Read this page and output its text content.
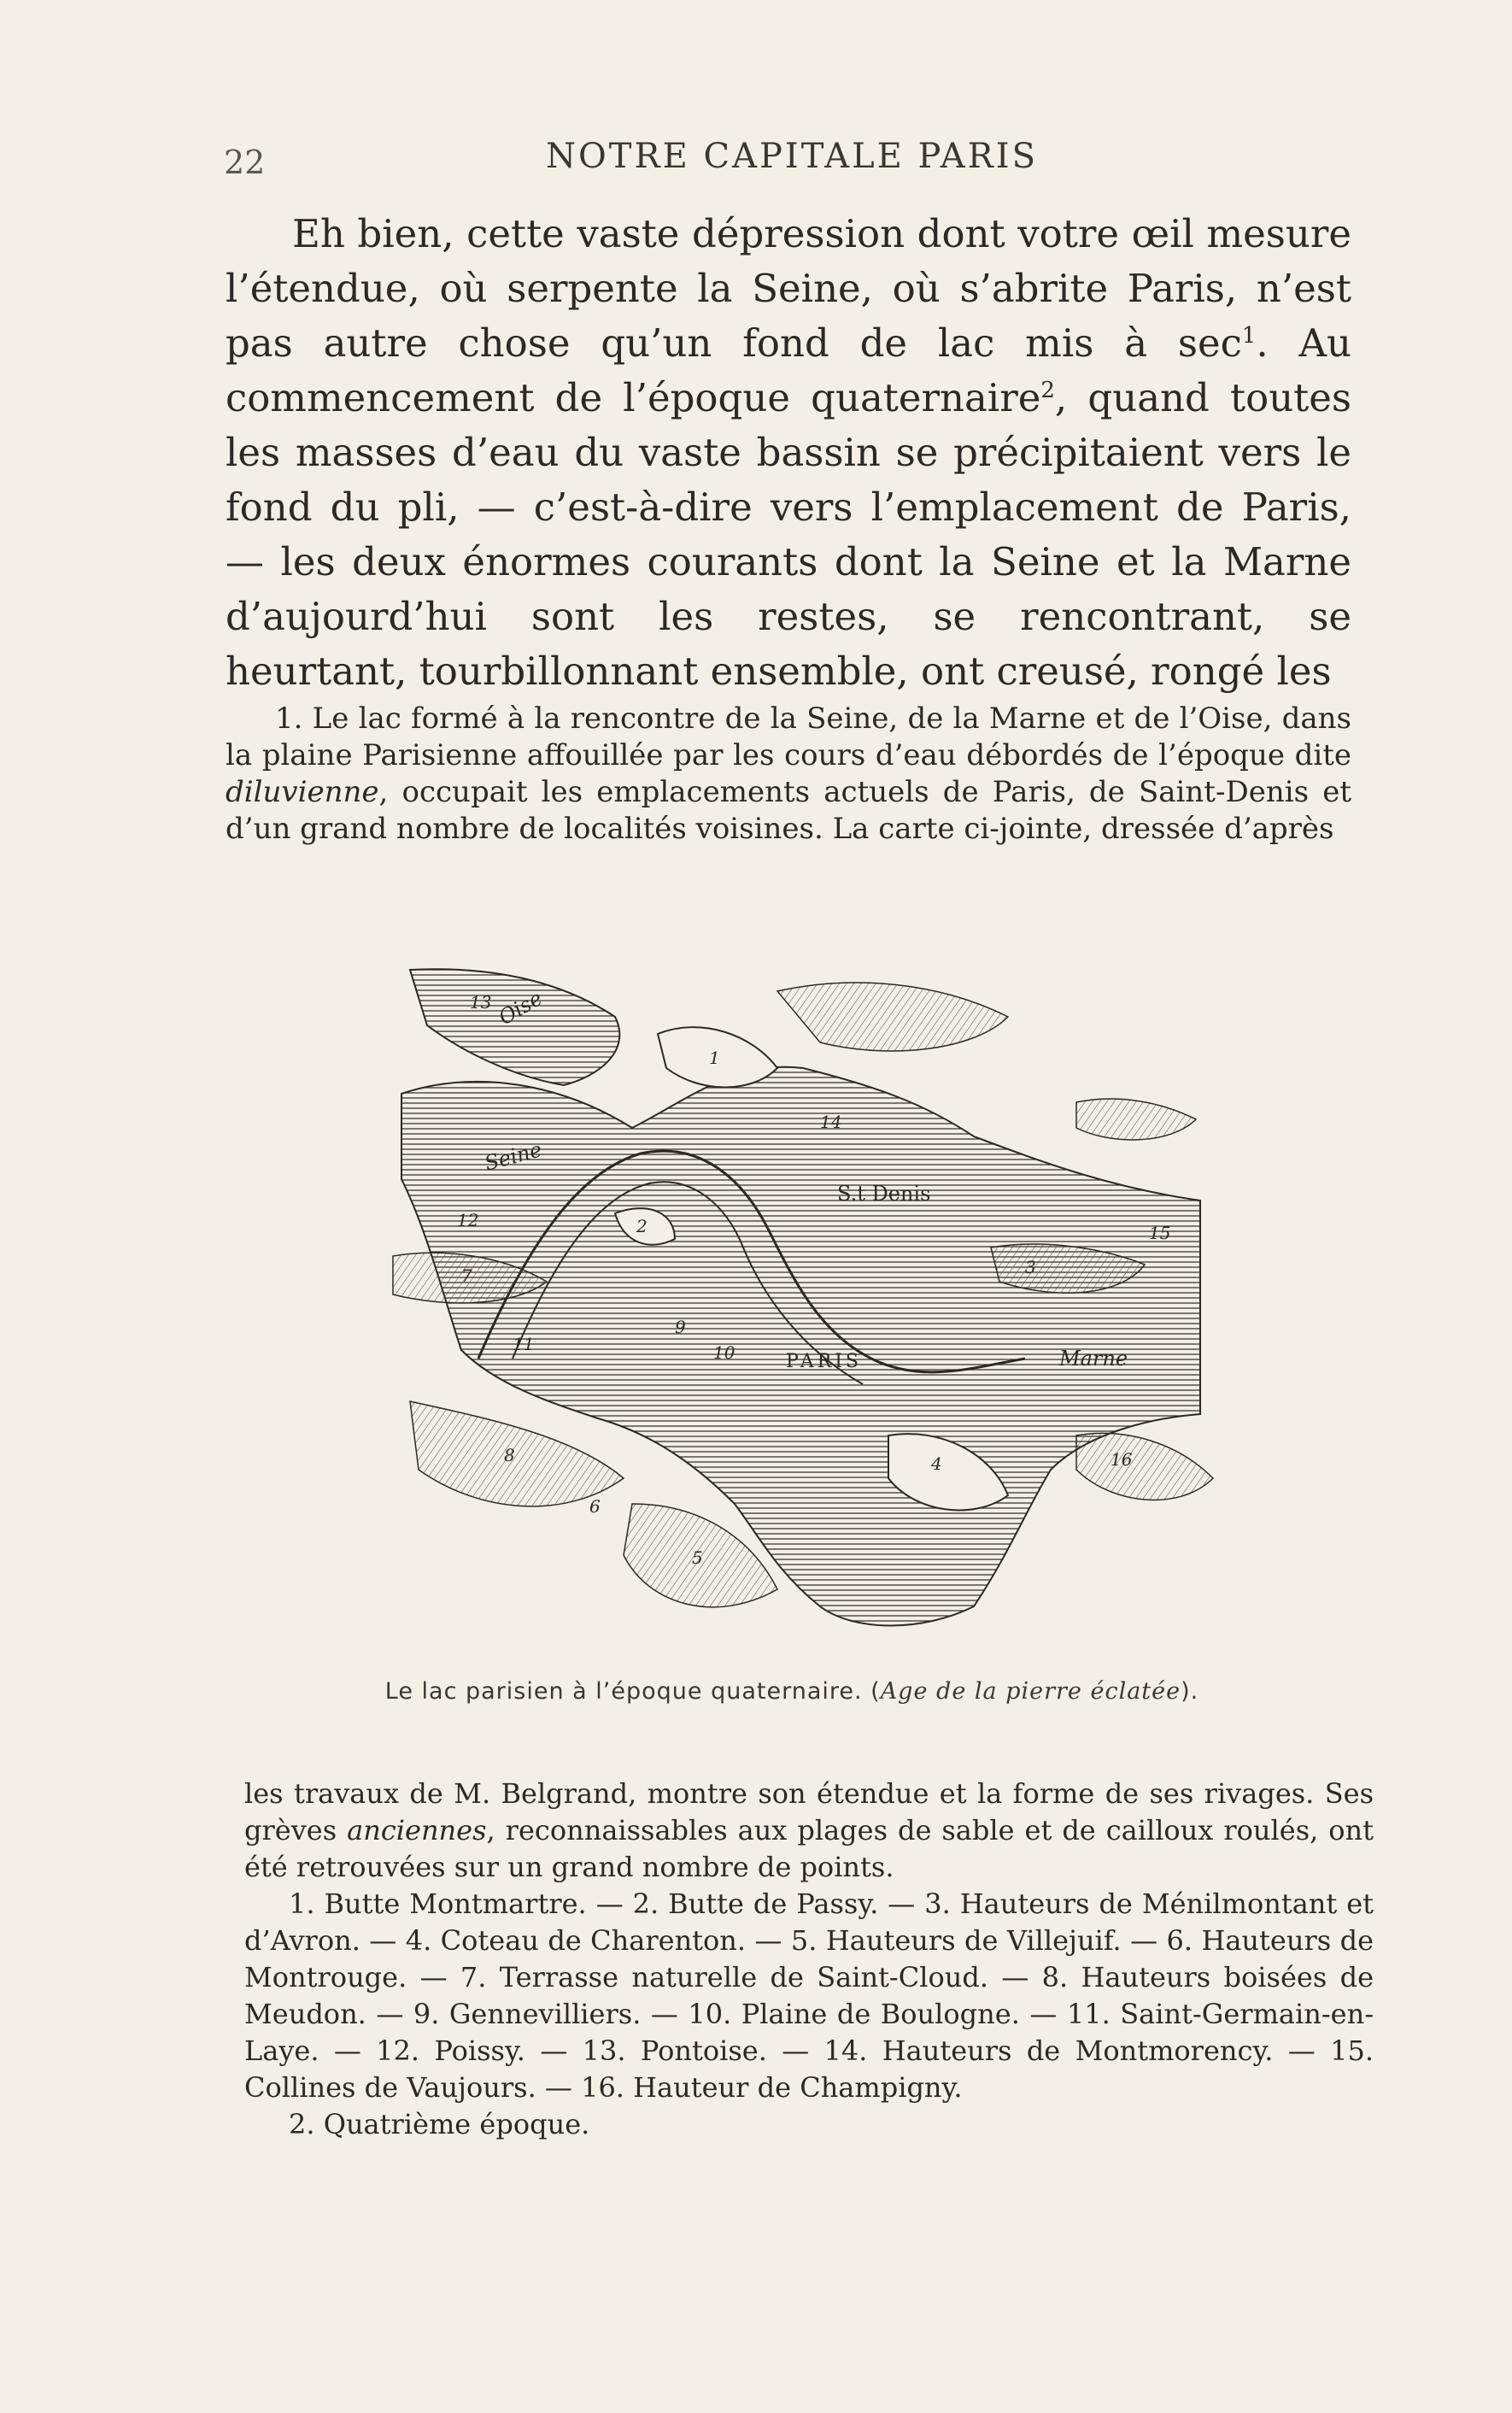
22	NOTRE CAPITALE PARIS

Eh bien, cette vaste dépression dont votre œil mesure l’étendue, où serpente la Seine, où s’abrite Paris, n’est pas autre chose qu’un fond de lac mis à sec$^1$. Au commencement de l’époque quaternaire$^2$, quand toutes les masses d’eau du vaste bassin se précipitaient vers le fond du pli, — c’est-à-dire vers l’emplacement de Paris, — les deux énormes courants dont la Seine et la Marne d’aujourd’hui sont les restes, se rencontrant, se heurtant, tourbillonnant ensemble, ont creusé, rongé les

1. Le lac formé à la rencontre de la Seine, de la Marne et de l’Oise, dans la plaine Parisienne affouillée par les cours d’eau débordés de l’époque dite diluvienne, occupait les emplacements actuels de Paris, de Saint-Denis et d’un grand nombre de localités voisines. La carte ci-jointe, dressée d’après

Oise
Seine
S.t Denis
PARIS	Marne
1
2
3
4
5
6
7
8
9
10
11
12
13
14
15
16
Le lac parisien à l’époque quaternaire. (Age de la pierre éclatée).

les travaux de M. Belgrand, montre son étendue et la forme de ses rivages. Ses grèves anciennes, reconnaissables aux plages de sable et de cailloux roulés, ont été retrouvées sur un grand nombre de points.

1. Butte Montmartre. — 2. Butte de Passy. — 3. Hauteurs de Ménilmontant et d’Avron. — 4. Coteau de Charenton. — 5. Hauteurs de Villejuif. — 6. Hauteurs de Montrouge. — 7. Terrasse naturelle de Saint-Cloud. — 8. Hauteurs boisées de Meudon. — 9. Gennevilliers. — 10. Plaine de Boulogne. — 11. Saint-Germain-en-Laye. — 12. Poissy. — 13. Pontoise. — 14. Hauteurs de Montmorency. — 15. Collines de Vaujours. — 16. Hauteur de Champigny.

2. Quatrième époque.
